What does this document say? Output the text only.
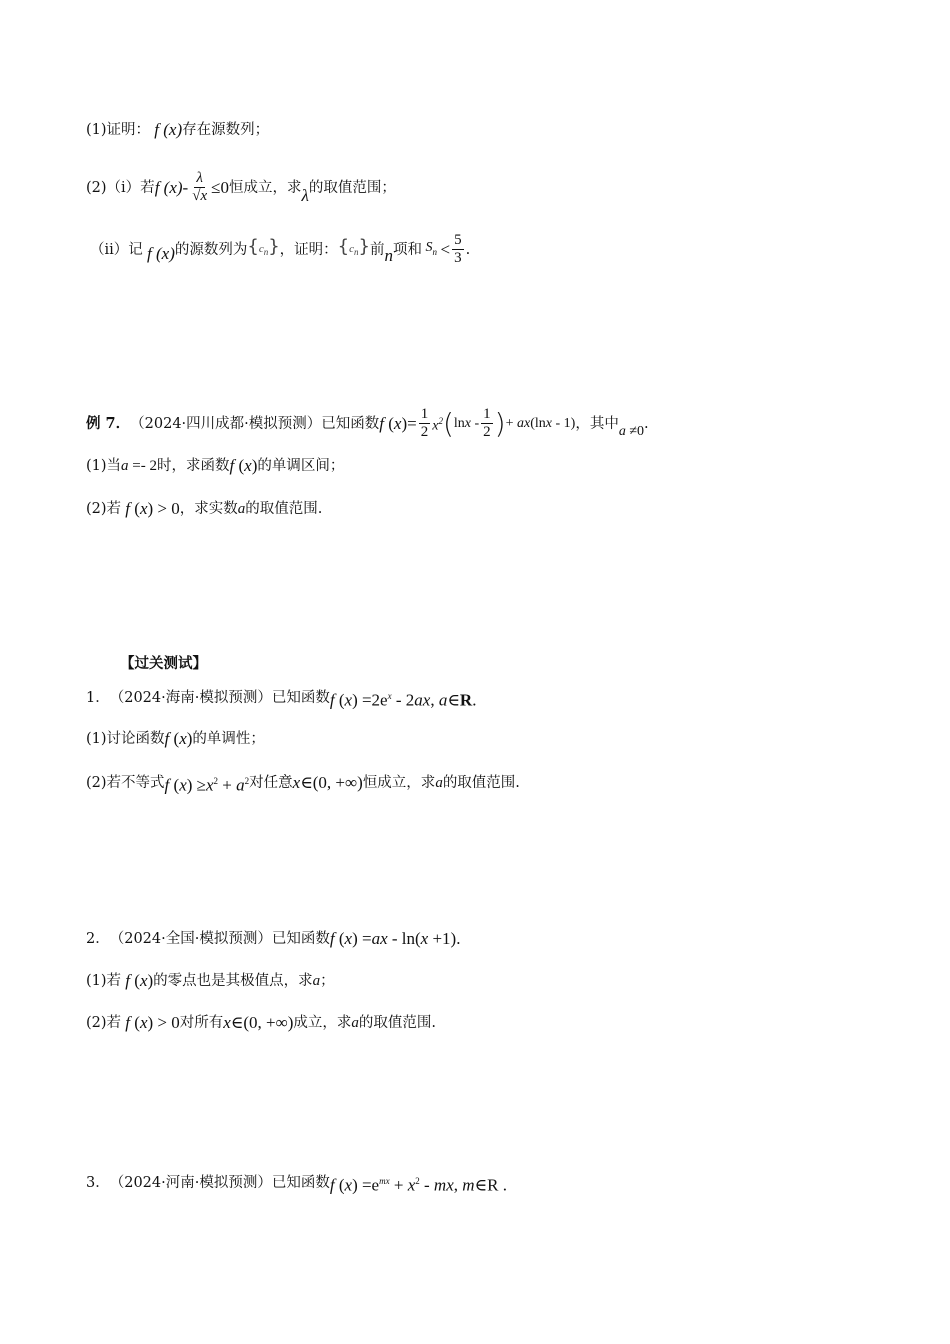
(1)证明： f (x) 存在源数列；
(2)（ⅰ）若 f $(x)- \frac{\lambda}{√x} \le 0$ 恒成立，求 λ 的取值范围；
（ⅱ）记 f (x) 的源数列为 $\{c_n\}$ ，证明： $\{c_n\}$ 前 n 项和 $S_n < \frac{5}{3}$ .
例 7． （2024·四川成都·模拟预测）已知函数 f $(x)= \frac{1}{2} x^2$ ( lnx - $\frac{1}{2}$ ) + ax(lnx - 1) ，其中 a ≠0 .
(1)当 a =- 2 时，求函数 f (x) 的单调区间；
(2)若 f (x) > 0 ，求实数 a 的取值范围.
【过关测试】
1． （2024·海南·模拟预测）已知函数 f $(x) =2e^x - 2ax$, a∈R.
(1)讨论函数 f (x) 的单调性；
(2)若不等式 f $(x) \ge x^2 + a^2$ 对任意 x∈(0, +∞) 恒成立，求 a 的取值范围.
2． （2024·全国·模拟预测）已知函数 f (x) =ax - ln(x +1).
(1)若 f (x) 的零点也是其极值点，求 a ；
(2)若 f (x) > 0 对所有 x∈(0, +∞) 成立，求 a 的取值范围.
3． （2024·河南·模拟预测）已知函数 f $(x) =e^{mx} + x^2$ - mx, m∈R .
